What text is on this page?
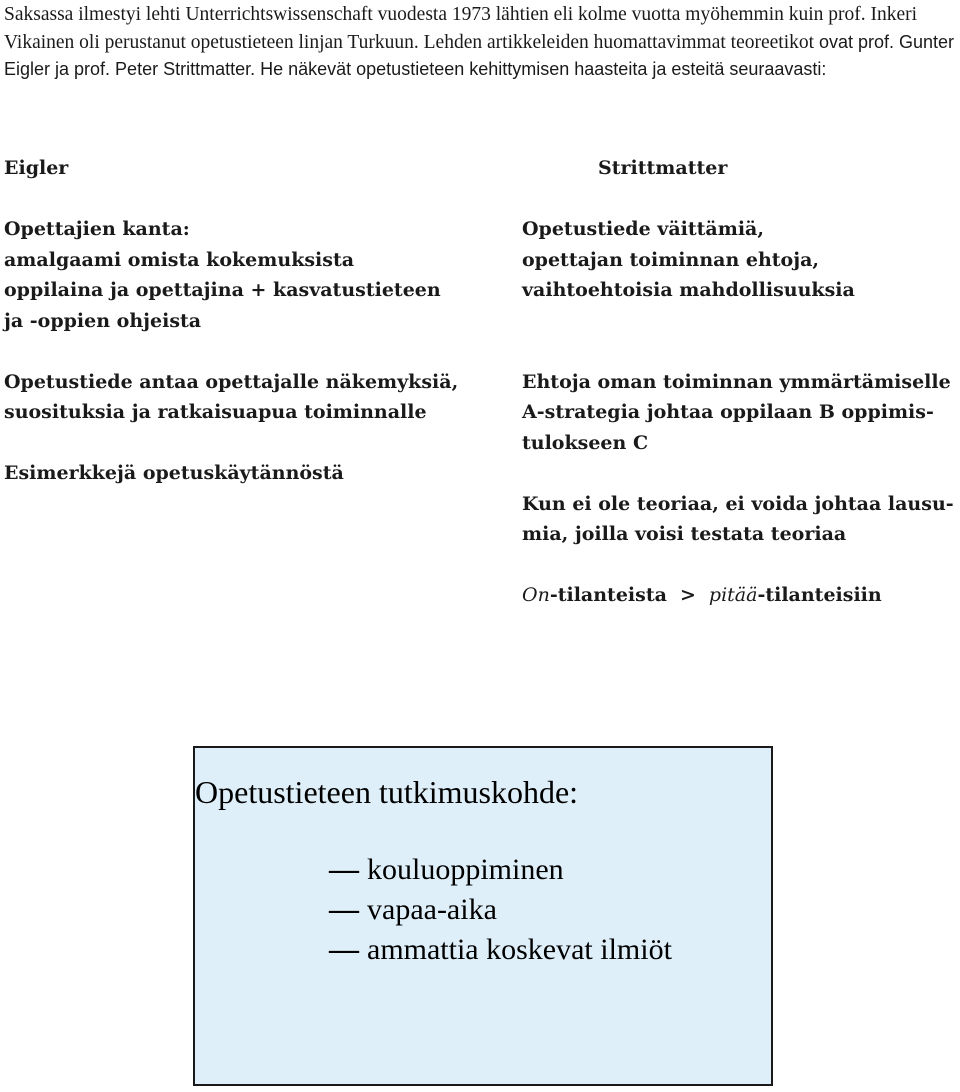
Saksassa ilmestyi lehti Unterrichtswissenschaft vuodesta 1973 lähtien eli kolme vuotta myöhemmin kuin prof. Inkeri Vikainen oli perustanut opetustieteen linjan Turkuun. Lehden artikkeleiden huomattavimmat teoreetikot ovat prof. Gunter Eigler ja prof. Peter Strittmatter. He näkevät opetustieteen kehittymisen haasteita ja esteitä seuraavasti:
Eigler
Opettajien kanta:
amalgaami omista kokemuksista
oppilaina ja opettajina + kasvatustieteen
ja -oppien ohjeista
Opetustiede antaa opettajalle näkemyksiä,
suosituksia ja ratkaisuapua toiminnalle
Esimerkkejä opetuskäytännöstä
Strittmatter
Opetustiede väittämiä,
opettajan toiminnan ehtoja,
vaihtoehtoisia mahdollisuuksia
Ehtoja oman toiminnan ymmärtämiselle
A-strategia johtaa oppilaan B oppimis-
tulokseen C
Kun ei ole teoriaa, ei voida johtaa lausu-
mia, joilla voisi testata teoriaa
On-tilanteista > pitää-tilanteisiin
Opetustieteen tutkimuskohde:
— kouluoppiminen
— vapaa-aika
— ammattia koskevat ilmiöt
